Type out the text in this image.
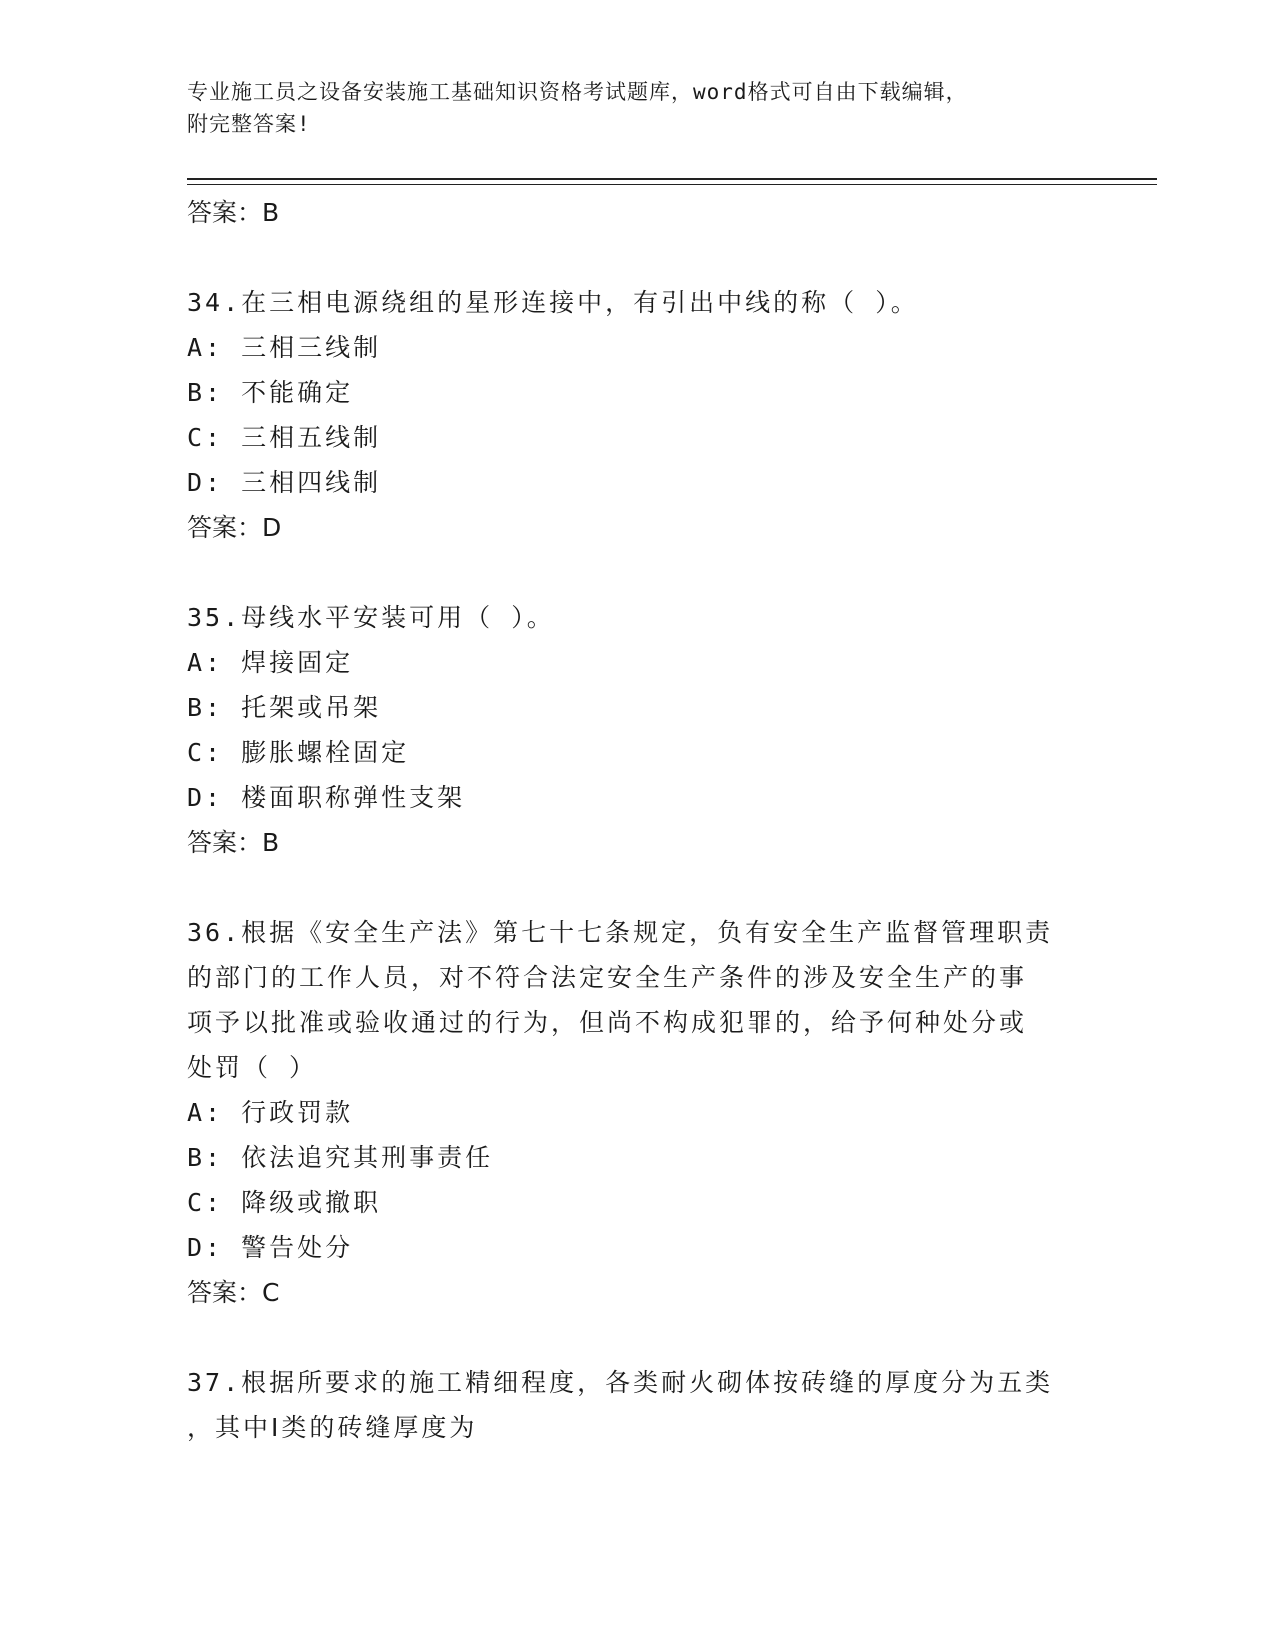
专业施工员之设备安装施工基础知识资格考试题库，word格式可自由下载编辑，
附完整答案!
答案：B
34.在三相电源绕组的星形连接中，有引出中线的称（ ）。
A: 三相三线制
B: 不能确定
C: 三相五线制
D: 三相四线制
答案：D
35.母线水平安装可用（ ）。
A: 焊接固定
B: 托架或吊架
C: 膨胀螺栓固定
D: 楼面职称弹性支架
答案：B
36.根据《安全生产法》第七十七条规定，负有安全生产监督管理职责
的部门的工作人员，对不符合法定安全生产条件的涉及安全生产的事
项予以批准或验收通过的行为，但尚不构成犯罪的，给予何种处分或
处罚（ ）
A: 行政罚款
B: 依法追究其刑事责任
C: 降级或撤职
D: 警告处分
答案：C
37.根据所要求的施工精细程度，各类耐火砌体按砖缝的厚度分为五类
，其中Ⅰ类的砖缝厚度为
